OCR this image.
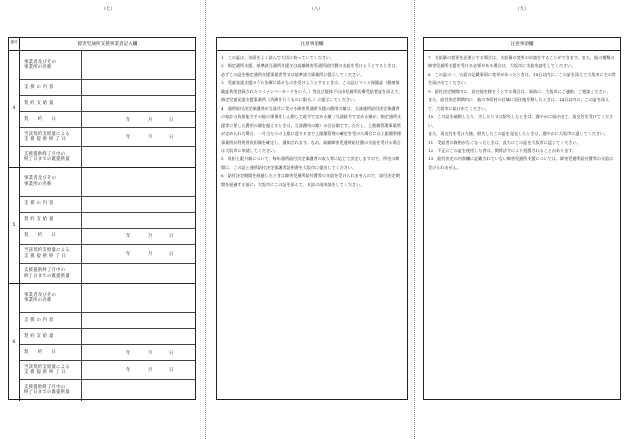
（七）	（八）	（九）
番号	障害児通所支援事業者記入欄
4
事業者及びその
事業所の名称
支 援 の 内 容
契 約 支 給 量
契　　約　　日	年	月	日
当該契約支給量による
支 援 提 供 終 了 日	年	月	日
支援提供終了月中の
終了日までの既提供量
5
事業者及びその
事業所の名称
支 援 の 内 容
契 約 支 給 量
契　　約　　日	年	月	日
当該契約支給量による
支 援 提 供 終 了 日	年	月	日
支援提供終了月中の
終了日までの既提供量
6
事業者及びその
事業所の名称
支 援 の 内 容
契 約 支 給 量
契　　約　　日	年	月	日
当該契約支給量による
支 援 提 供 終 了 日	年	月	日
支援提供終了月中の
終了日までの既提供量
注意事項欄

1　この証は、各面をよく読んで大切に持っていてください。

2　指定通所支援、基準該当通所支援又は高額障害児通所給付費の支給を受けようとするときは、必ずこの証を指定通所支援事業者等又は基準該当事業所に提示してください。

3　児童発達支援のうち治療に係るものを受けようとするときは、この証にマイナ保険証（健康保険証利用登録されたマイナンバーカードをいう。）等及び肢体不自由児通所医療受給者証を添えて、指定児童発達支援事業所（治療を行うものに限る。）に提示してください。

4　通所給付決定保護者が当該月に受ける障害児通所支援の費用の額は、当該通所給付決定保護者の家計の負担能力その他の事情をしん酌して政令で定める額（当該政令で定める額が、指定通所支援等に要した費用の額を超えるときは、当該費用の額）の合計額です。ただし、上限額管理事業所が定められた場合、一月当たりの上限に達するまで上限額管理の確定を受けた場合には上限額管理事業所が利用者負担額を確定し、通知されます。なお、高額障害児通所給付費の支給を受ける場合は大坂市に申請してください。

5　負担上限月額について、毎年通所給付決定保護者の収入等に応じて決定しますので、所定の期間に、この証と通所給付決定保護者証明書を大坂市に提出してください。

6　給付決定期間を経過したときは障害児通所給付費等の支給を受けられませんので、給付決定期間を経過する前に、大坂市にこの証を添えて、支給の再申請をしてください。

注意事項欄

7　支給量の変更を必要とする場合は、支給量の変更の申請をすることができます。また、他の種類の障害児通所支援を受ける必要がある場合は、大坂市に支給申請をしてください。

8　この証の一、五面の記載事項に変更があったときは、14日以内に、この証を添えて大坂市にその旨を届け出てください。

9　給付決定期間内に、居住地を移そうとする場合は、事前に、大坂市にご連絡、ご相談ください。

また、給付決定期間内に、他の市町村の区域に居住地を移したときは、14日以内に、この証を添えて、大坂市に届け出てください。

10　この証を破損したり、汚したり又は紛失したときは、遅やかに届け出て、再交付を受けてください。

また、再交付を受けた後、紛失したこの証を発見したときは、遅やかに大坂市に返してください。

11　受給者の資格がなくなったときは、直ちにこの証を大坂市に返してください。

12　不正にこの証を使用した者は、関係法令により処罰されることがあります。

13　給付決定の内容欄に記載されていない障害児通所支援については、障害児通所給付費等の支給は受けられません。
